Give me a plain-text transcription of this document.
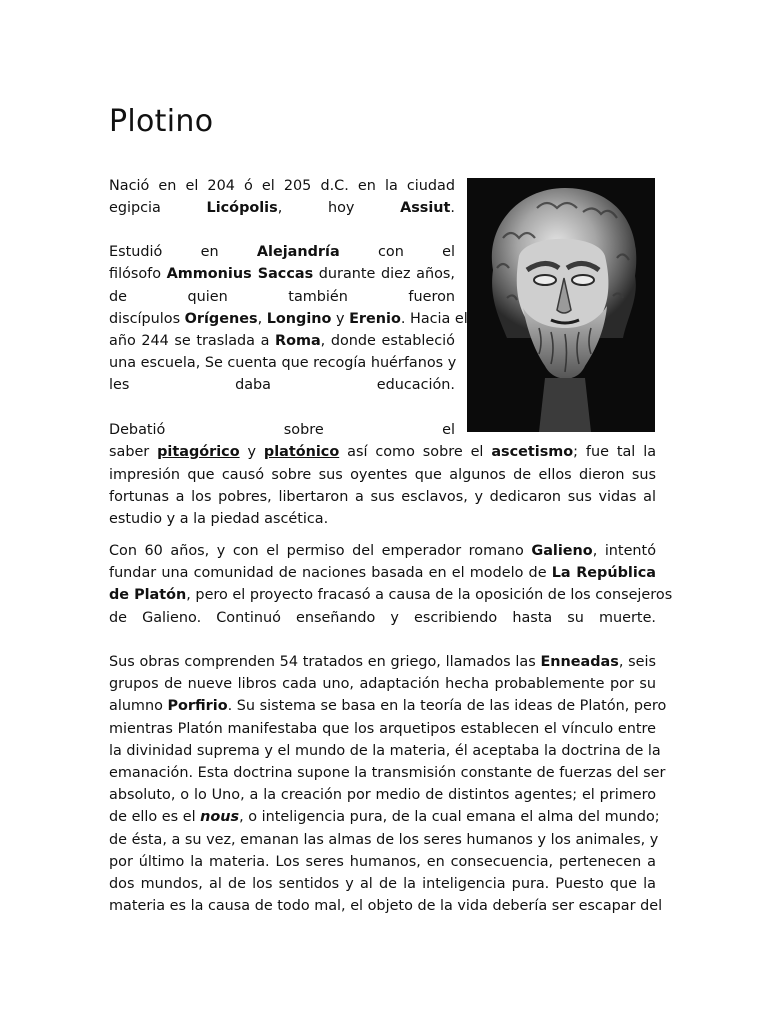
Plotino
Nació en el 204 ó el 205 d.C. en la ciudad
egipcia Licópolis, hoy Assiut.
Estudió en Alejandría con el
filósofo Ammonius Saccas durante diez años,
de quien también fueron
discípulos Orígenes, Longino y Erenio. Hacia el
año 244 se traslada a Roma, donde estableció
una escuela, Se cuenta que recogía huérfanos y
les daba educación.
Debatió sobre el
saber pitagórico y platónico así como sobre el ascetismo; fue tal la
impresión que causó sobre sus oyentes que algunos de ellos dieron sus
fortunas a los pobres, libertaron a sus esclavos, y dedicaron sus vidas al
estudio y a la piedad ascética.
Con 60 años, y con el permiso del emperador romano Galieno, intentó
fundar una comunidad de naciones basada en el modelo de La República
de Platón, pero el proyecto fracasó a causa de la oposición de los consejeros
de Galieno. Continuó enseñando y escribiendo hasta su muerte.
Sus obras comprenden 54 tratados en griego, llamados las Enneadas, seis
grupos de nueve libros cada uno, adaptación hecha probablemente por su
alumno Porfirio. Su sistema se basa en la teoría de las ideas de Platón, pero
mientras Platón manifestaba que los arquetipos establecen el vínculo entre
la divinidad suprema y el mundo de la materia, él aceptaba la doctrina de la
emanación. Esta doctrina supone la transmisión constante de fuerzas del ser
absoluto, o lo Uno, a la creación por medio de distintos agentes; el primero
de ello es el nous, o inteligencia pura, de la cual emana el alma del mundo;
de ésta, a su vez, emanan las almas de los seres humanos y los animales, y
por último la materia. Los seres humanos, en consecuencia, pertenecen a
dos mundos, al de los sentidos y al de la inteligencia pura. Puesto que la
materia es la causa de todo mal, el objeto de la vida debería ser escapar del
